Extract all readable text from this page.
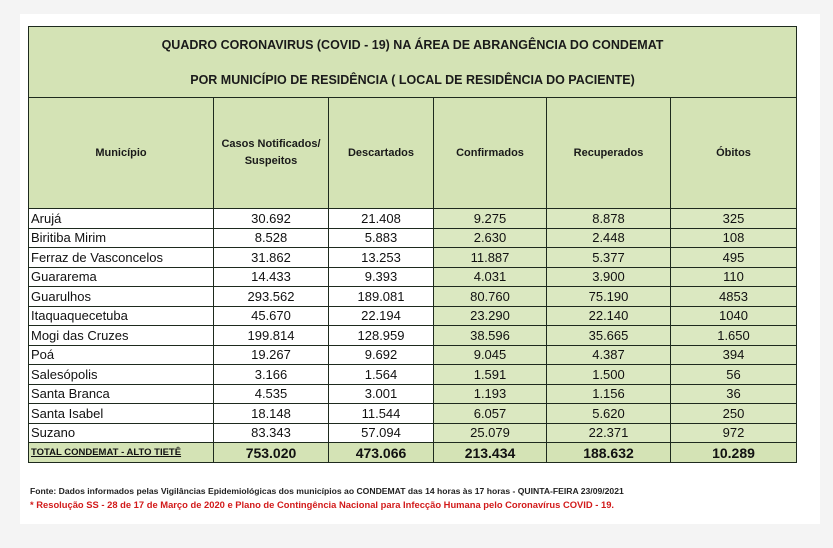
QUADRO CORONAVIRUS (COVID - 19) NA ÁREA DE ABRANGÊNCIA DO CONDEMAT					
POR MUNICÍPIO DE RESIDÊNCIA ( LOCAL DE RESIDÊNCIA DO PACIENTE)					
Município	Casos Notificados/ Suspeitos	Descartados	Confirmados	Recuperados	Óbitos
Arujá	30.692	21.408	9.275	8.878	325
Biritiba Mirim	8.528	5.883	2.630	2.448	108
Ferraz de Vasconcelos	31.862	13.253	11.887	5.377	495
Guararema	14.433	9.393	4.031	3.900	110
Guarulhos	293.562	189.081	80.760	75.190	4853
Itaquaquecetuba	45.670	22.194	23.290	22.140	1040
Mogi das Cruzes	199.814	128.959	38.596	35.665	1.650
Poá	19.267	9.692	9.045	4.387	394
Salesópolis	3.166	1.564	1.591	1.500	56
Santa Branca	4.535	3.001	1.193	1.156	36
Santa Isabel	18.148	11.544	6.057	5.620	250
Suzano	83.343	57.094	25.079	22.371	972
TOTAL CONDEMAT - ALTO TIETÊ	753.020	473.066	213.434	188.632	10.289
Fonte: Dados informados pelas Vigilâncias Epidemiológicas dos municípios ao CONDEMAT das 14 horas às 17 horas - QUINTA-FEIRA 23/09/2021
* Resolução SS - 28 de 17 de Março de 2020 e Plano de Contingência Nacional para Infecção Humana pelo Coronavírus COVID - 19.
